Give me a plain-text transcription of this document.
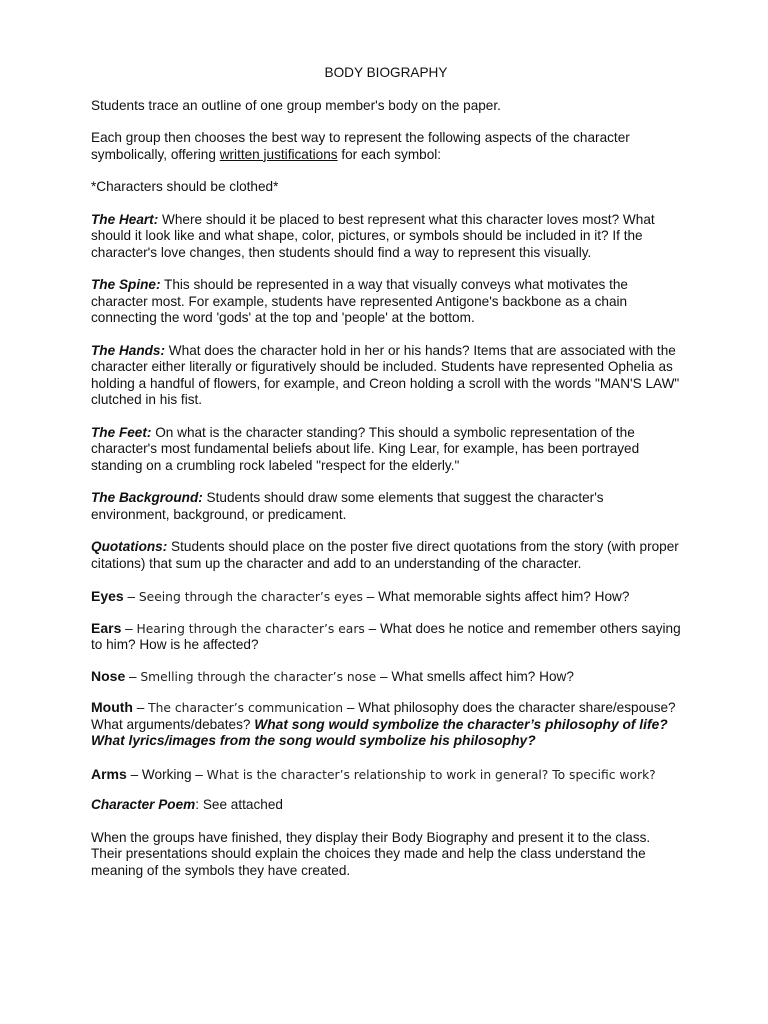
BODY BIOGRAPHY

Students trace an outline of one group member's body on the paper.

Each group then chooses the best way to represent the following aspects of the character symbolically, offering written justifications for each symbol:

*Characters should be clothed*

The Heart: Where should it be placed to best represent what this character loves most? What should it look like and what shape, color, pictures, or symbols should be included in it? If the character's love changes, then students should find a way to represent this visually.

The Spine: This should be represented in a way that visually conveys what motivates the character most. For example, students have represented Antigone's backbone as a chain connecting the word 'gods' at the top and 'people' at the bottom.

The Hands: What does the character hold in her or his hands? Items that are associated with the character either literally or figuratively should be included. Students have represented Ophelia as holding a handful of flowers, for example, and Creon holding a scroll with the words "MAN'S LAW" clutched in his fist.

The Feet: On what is the character standing? This should a symbolic representation of the character's most fundamental beliefs about life. King Lear, for example, has been portrayed standing on a crumbling rock labeled "respect for the elderly."

The Background: Students should draw some elements that suggest the character's environment, background, or predicament.

Quotations: Students should place on the poster five direct quotations from the story (with proper citations) that sum up the character and add to an understanding of the character.

Eyes – Seeing through the character’s eyes – What memorable sights affect him? How?

Ears – Hearing through the character’s ears – What does he notice and remember others saying to him? How is he affected?

Nose – Smelling through the character’s nose – What smells affect him? How?

Mouth – The character’s communication – What philosophy does the character share/espouse? What arguments/debates? What song would symbolize the character’s philosophy of life? What lyrics/images from the song would symbolize his philosophy?

Arms – Working – What is the character’s relationship to work in general? To specific work?

Character Poem: See attached

When the groups have finished, they display their Body Biography and present it to the class. Their presentations should explain the choices they made and help the class understand the meaning of the symbols they have created.
